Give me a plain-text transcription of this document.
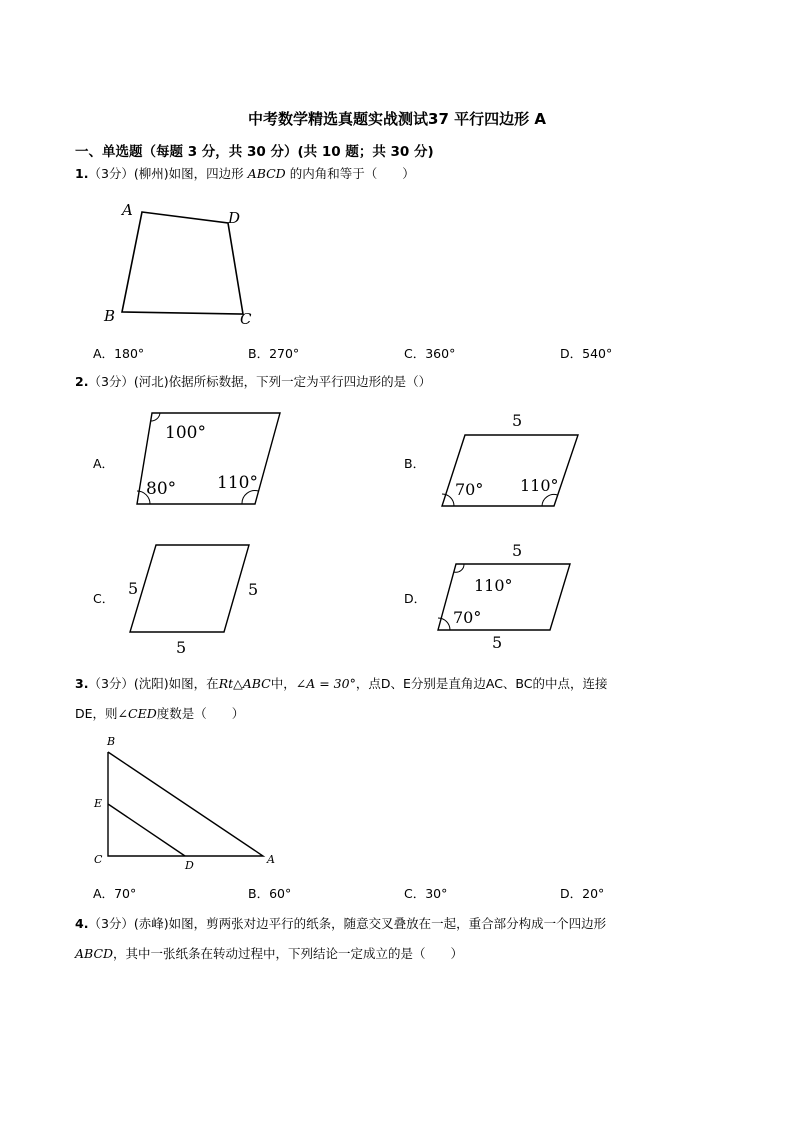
中考数学精选真题实战测试37 平行四边形 A
一、单选题（每题 3 分，共 30 分）(共 10 题；共 30 分)
1.（3分）(柳州)如图，四边形 ABCD 的内角和等于（　　）
A	D
B	C
A．180°	B．270°	C．360°	D．540°
2.（3分）(河北)依据所标数据，下列一定为平行四边形的是（）
A．
100°
80° 110°
B．
5
70° 110°
C．
5	5
5
D．
5
110°
70°
5
3.（3分）(沈阳)如图，在Rt△ABC中，∠A = 30°，点D、E分别是直角边AC、BC的中点，连接
DE，则∠CED度数是（　　）
B
E
C	D	A
A．70°	B．60°	C．30°	D．20°
4.（3分）(赤峰)如图，剪两张对边平行的纸条，随意交叉叠放在一起，重合部分构成一个四边形
ABCD，其中一张纸条在转动过程中，下列结论一定成立的是（　　）
